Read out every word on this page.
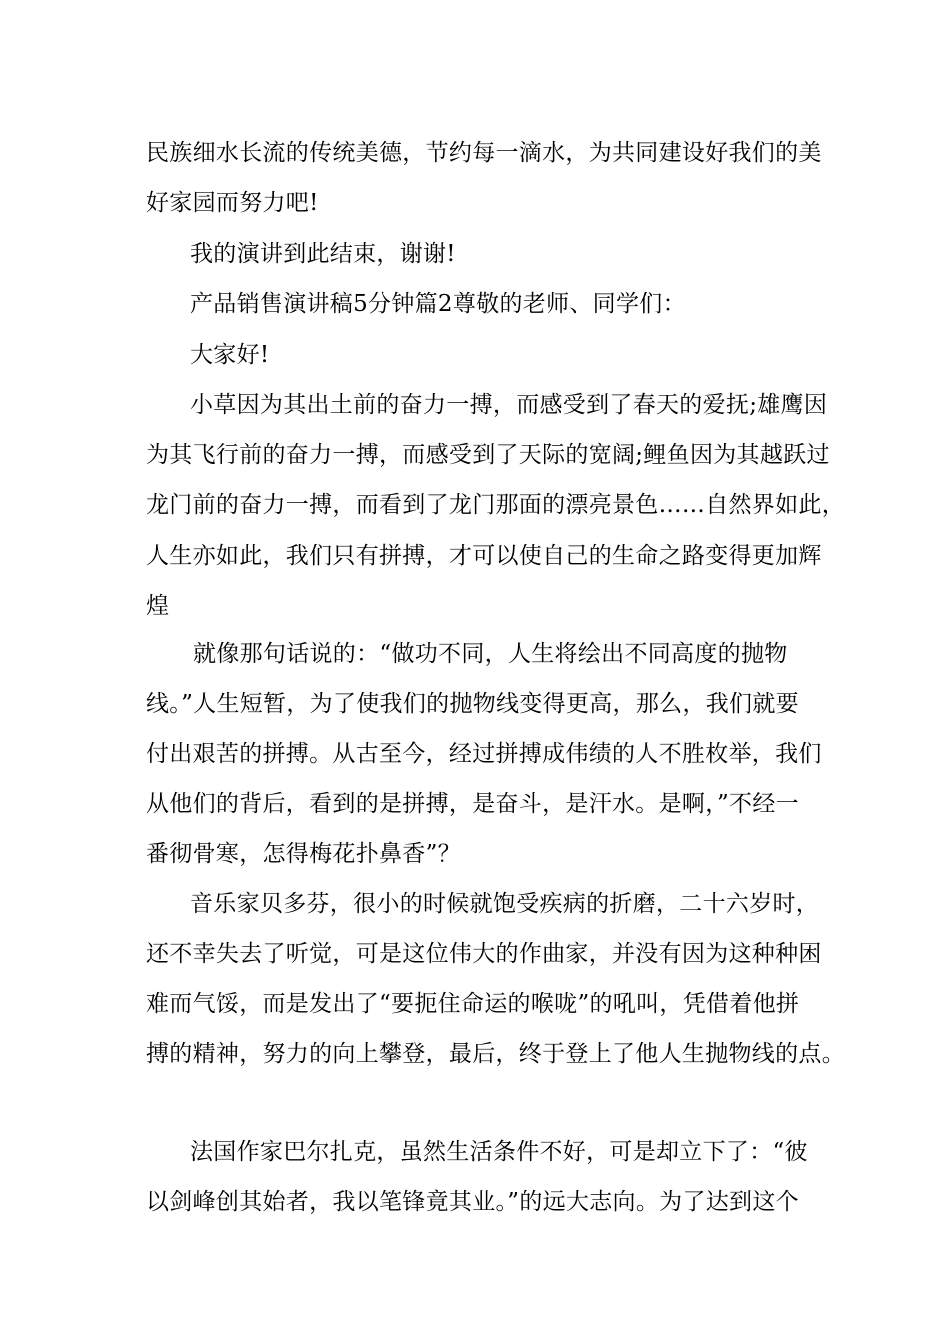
民族细水长流的传统美德，节约每一滴水，为共同建设好我们的美
好家园而努力吧!
我的演讲到此结束，谢谢!
产品销售演讲稿5分钟篇2尊敬的老师、同学们：
大家好!
小草因为其出土前的奋力一搏，而感受到了春天的爱抚;雄鹰因
为其飞行前的奋力一搏，而感受到了天际的宽阔;鲤鱼因为其越跃过
龙门前的奋力一搏，而看到了龙门那面的漂亮景色……自然界如此，
人生亦如此，我们只有拼搏，才可以使自己的生命之路变得更加辉
煌
就像那句话说的：“做功不同，人生将绘出不同高度的抛物
线。”人生短暂，为了使我们的抛物线变得更高，那么，我们就要
付出艰苦的拼搏。从古至今，经过拼搏成伟绩的人不胜枚举，我们
从他们的背后，看到的是拼搏，是奋斗，是汗水。是啊，”不经一
番彻骨寒，怎得梅花扑鼻香”？
音乐家贝多芬，很小的时候就饱受疾病的折磨，二十六岁时，
还不幸失去了听觉，可是这位伟大的作曲家，并没有因为这种种困
难而气馁，而是发出了“要扼住命运的喉咙”的吼叫，凭借着他拼
搏的精神，努力的向上攀登，最后，终于登上了他人生抛物线的点。
法国作家巴尔扎克，虽然生活条件不好，可是却立下了：“彼
以剑峰创其始者，我以笔锋竟其业。”的远大志向。为了达到这个
